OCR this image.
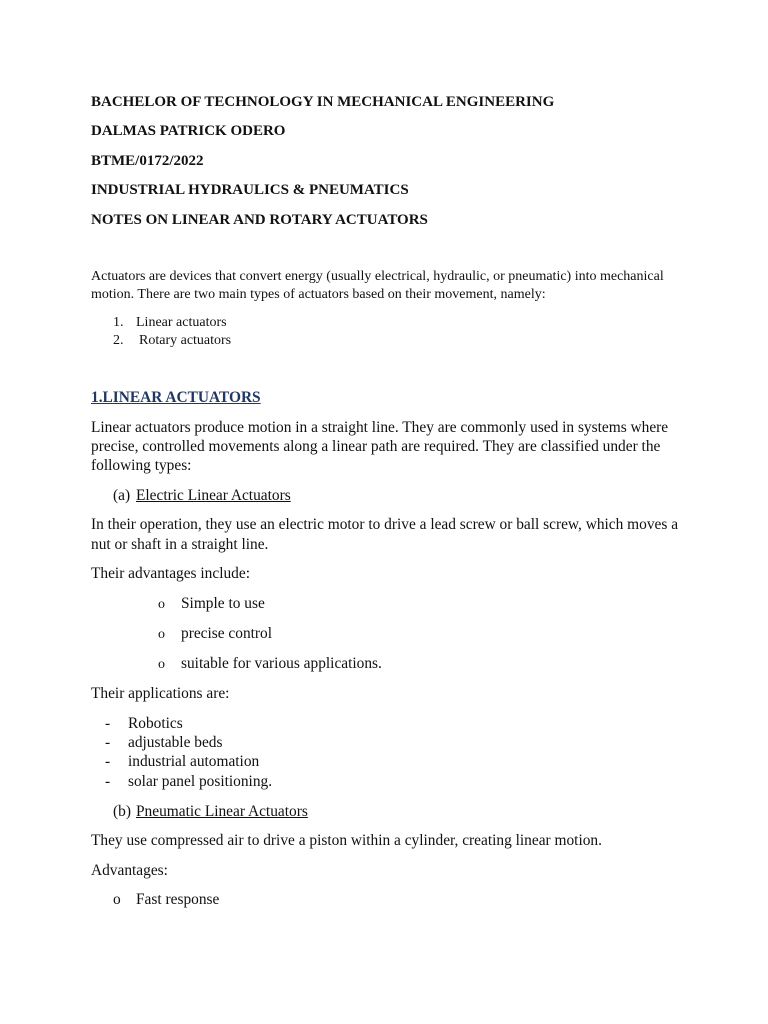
BACHELOR OF TECHNOLOGY IN MECHANICAL ENGINEERING

DALMAS PATRICK ODERO

BTME/0172/2022

INDUSTRIAL HYDRAULICS & PNEUMATICS

NOTES ON LINEAR AND ROTARY ACTUATORS

Actuators are devices that convert energy (usually electrical, hydraulic, or pneumatic) into mechanical

motion. There are two main types of actuators based on their movement, namely:

1. Linear actuators
2. Rotary actuators

1.LINEAR ACTUATORS

Linear actuators produce motion in a straight line. They are commonly used in systems where

precise, controlled movements along a linear path are required. They are classified under the

following types:

(a) Electric Linear Actuators

In their operation, they use an electric motor to drive a lead screw or ball screw, which moves a

nut or shaft in a straight line.

Their advantages include:

o Simple to use
o precise control
o suitable for various applications.

Their applications are:

- Robotics
- adjustable beds
- industrial automation
- solar panel positioning.
(b) Pneumatic Linear Actuators

They use compressed air to drive a piston within a cylinder, creating linear motion.

Advantages:

o Fast response
